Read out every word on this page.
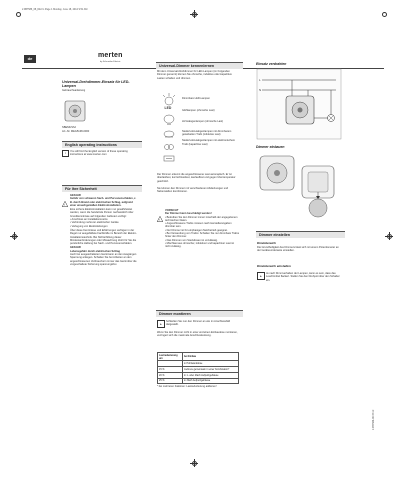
2.9B7586_08_DE.fm Page 1 Monday, June 18, 2012 9:51 AM
de	merten
by Schneider Electric
Universal-Drehdimmer-Einsatz für LED-Lampen
Gebrauchsanleitung
SBEMUSSJ
Art.-Nr. MEG5138-0000
English operating instructions
i	You will find the English version of these operating instructions at www.merten.com
Für Ihre Sicherheit
!
GEFAHR
Gefahr von schweren Sach- und Personenschäden, z. B. durch Brand oder elektrischen Schlag, aufgrund einer unsachgemäßen Elektroinstallation.
Eine sichere Elektroinstallation kann nur gewährleistet werden, wenn die handelnde Person nachweislich über Grundkenntnisse auf folgenden Gebieten verfügt:
• Anschluss an Installationsnetze
• Verbindung mehrerer elektrischer Geräte
• Verlegung von Elektroleitungen
Über diese Kenntnisse und Erfahrungen verfügen in der Regel nur ausgebildete Fachkräfte im Bereich der Elektro-Installationstechnik. Bei Nichterfüllung dieser Mindestanforderungen oder Missachtung droht für Sie die persönliche Haftung bei Sach- und Personenschäden.
GEFAHR
Lebensgefahr durch elektrischen Schlag
Auch bei ausgeschaltetem Gerät kann an den Ausgängen Spannung anliegen. Schalten Sie bei Arbeiten an den angeschlossenen Verbrauchern immer das Gerät über die vorgeschaltete Sicherung spannungsfrei.
Universal-Dimmer kennenlernen
Mit dem Universal-Drehdimmer für LED-Lampen (im Folgenden Dimmer genannt) können Sie ohmsche, induktive oder kapazitive Lasten schalten und dimmen.
LED
Dimmbare LED-Lampen
Glühlampen (ohmsche Last)
HV-Halogenlampen (ohmsche Last)
Niedervolt-Halogenlampen mit dimmbarem gewickelten Trafo (induktive Last)
Niedervolt-Halogenlampen mit elektronischem Trafo (kapazitive Last)
Der Dimmer erkennt die angeschlossene Last automatisch. Er ist überlastfest, kurzschlussfest, leerlauffest und gegen Übertemperatur geschützt.
Sie können den Dimmer mit verschiedenen Abdeckungen und Nebenstellen kombinieren.
!
VORSICHT
Der Dimmer kann beschädigt werden!
• Betreiben Sie den Dimmer immer innerhalb der angegebenen technischen Daten.
• Angeschlossene Trafos müssen nach Herstellerangaben dimmbar sein.
• Der Dimmer ist für einphasigen Netzbetrieb geeignet.
• Bei Verwendung von Trafos: Schalten Sie nur dimmbare Trafos hinter den Dimmer.
• Das Dimmen von Steckdosen ist unzulässig.
• Mischlast aus ohmscher, induktiver und kapazitiver Last ist nicht zulässig.
Dimmer montieren
▸
Schließen Sie nun den Dimmer an wie im Anschlussbild dargestellt.
Wenn Sie den Dimmer nicht in einer einzelnen Einbaudose montieren, verringert sich die maximale Anschlussleistung.
Lastreduzierung um	bei Einbau
	in Hohlwanddose
15 %	mehrere gemeinsam in einer Kombination*
20 %	in 1- oder 2fach Aufputzgehäuse
25 %	in 3fach Aufputzgehäuse
* bei mehreren Faktoren: Lastreduzierung addieren!
Einsatz verdrahten
L
N
Dimmer einbauen
Dimmer einstellen
Dimmbereich
Die Grundhelligkeit des Dimmers lässt sich mit einem Potentiometer an der Gerätevorderseite einstellen.
Dimmbereich einstellen
▸
Je nach Dimmverhalten der Lampen, kann es sein, dass das Leuchtmittel flackert. Stellen Sie den Drehpoti über den Schalter ein.
2.9B7586-08 07/12
